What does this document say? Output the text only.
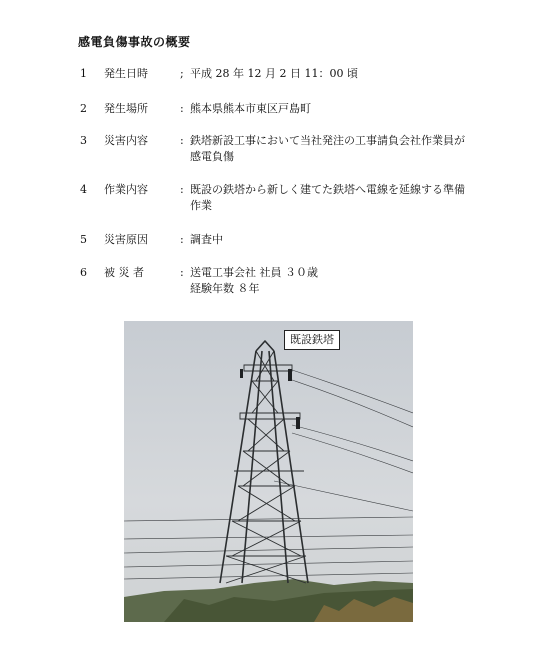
感電負傷事故の概要
1	発生日時	; 平成 28 年 12 月 2 日 11：00 頃
2	発生場所	: 熊本県熊本市東区戸島町
3	災害内容	: 鉄塔新設工事において当社発注の工事請負会社作業員が
感電負傷
4	作業内容	: 既設の鉄塔から新しく建てた鉄塔へ電線を延線する準備
作業
5	災害原因	: 調査中
6	被 災 者	: 送電工事会社 社員 ３０歳
経験年数 ８年
既設鉄塔
